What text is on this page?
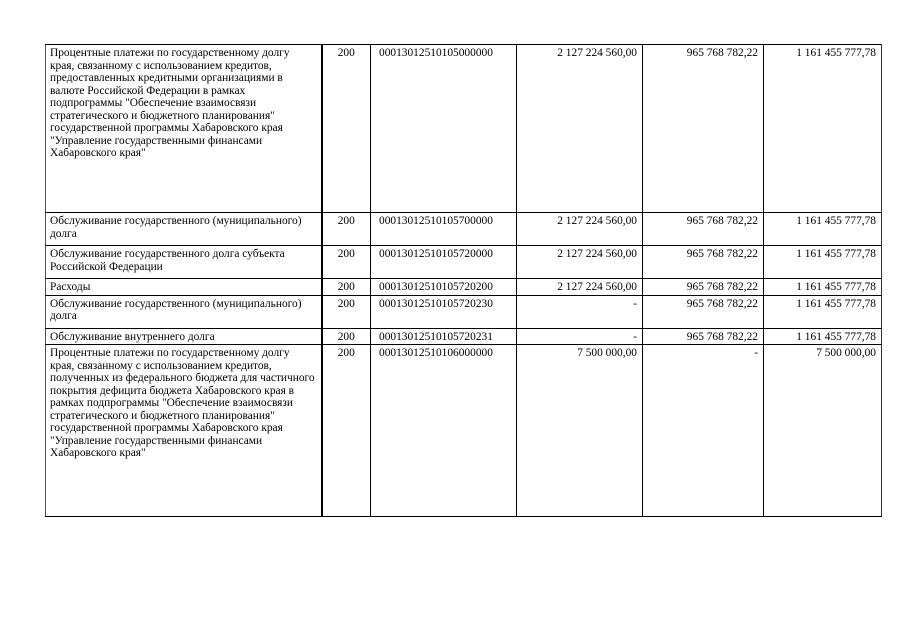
Процентные платежи по государственному долгу края, связанному с использованием кредитов, предоставленных кредитными организациями в валюте Российской Федерации в рамках подпрограммы "Обеспечение взаимосвязи стратегического и бюджетного планирования" государственной программы Хабаровского края "Управление государственными финансами Хабаровского края"	200	00013012510105000000	2 127 224 560,00	965 768 782,22	1 161 455 777,78
Обслуживание государственного (муниципального) долга	200	00013012510105700000	2 127 224 560,00	965 768 782,22	1 161 455 777,78
Обслуживание государственного долга субъекта Российской Федерации	200	00013012510105720000	2 127 224 560,00	965 768 782,22	1 161 455 777,78
Расходы	200	00013012510105720200	2 127 224 560,00	965 768 782,22	1 161 455 777,78
Обслуживание государственного (муниципального) долга	200	00013012510105720230	-	965 768 782,22	1 161 455 777,78
Обслуживание внутреннего долга	200	00013012510105720231	-	965 768 782,22	1 161 455 777,78
Процентные платежи по государственному долгу края, связанному с использованием кредитов, полученных из федерального бюджета для частичного покрытия дефицита бюджета Хабаровского края в рамках подпрограммы "Обеспечение взаимосвязи стратегического и бюджетного планирования" государственной программы Хабаровского края "Управление государственными финансами Хабаровского края"	200	00013012510106000000	7 500 000,00	-	7 500 000,00
